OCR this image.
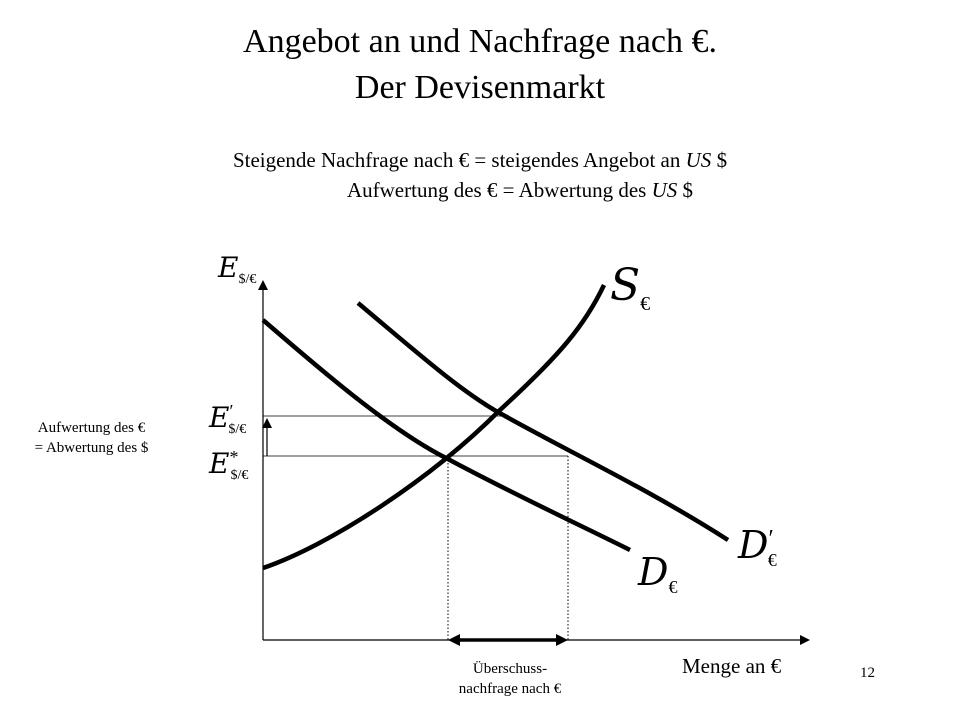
Angebot an und Nachfrage nach €.
Der Devisenmarkt
Steigende Nachfrage nach € = steigendes Angebot an US $
Aufwertung des € = Abwertung des US $
Aufwertung des €
= Abwertung des $
12
$E_{\$/€}$	$S_€$
E′ $/€
E* $/€
D′ €
$D_€$
Menge an €
Überschuss-
nachfrage nach €
